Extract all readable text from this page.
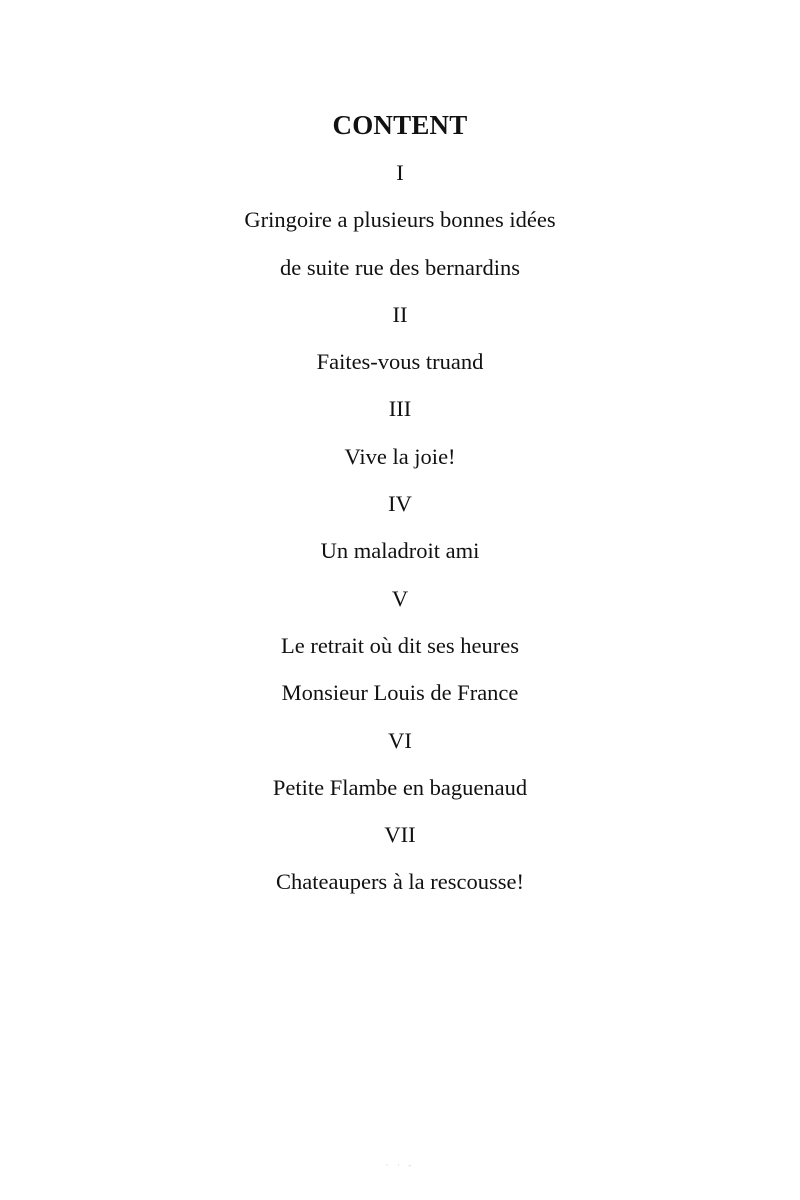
CONTENT
I
Gringoire a plusieurs bonnes idées
de suite rue des bernardins
II
Faites-vous truand
III
Vive la joie!
IV
Un maladroit ami
V
Le retrait où dit ses heures
Monsieur Louis de France
VI
Petite Flambe en baguenaud
VII
Chateaupers à la rescousse!
· · -
